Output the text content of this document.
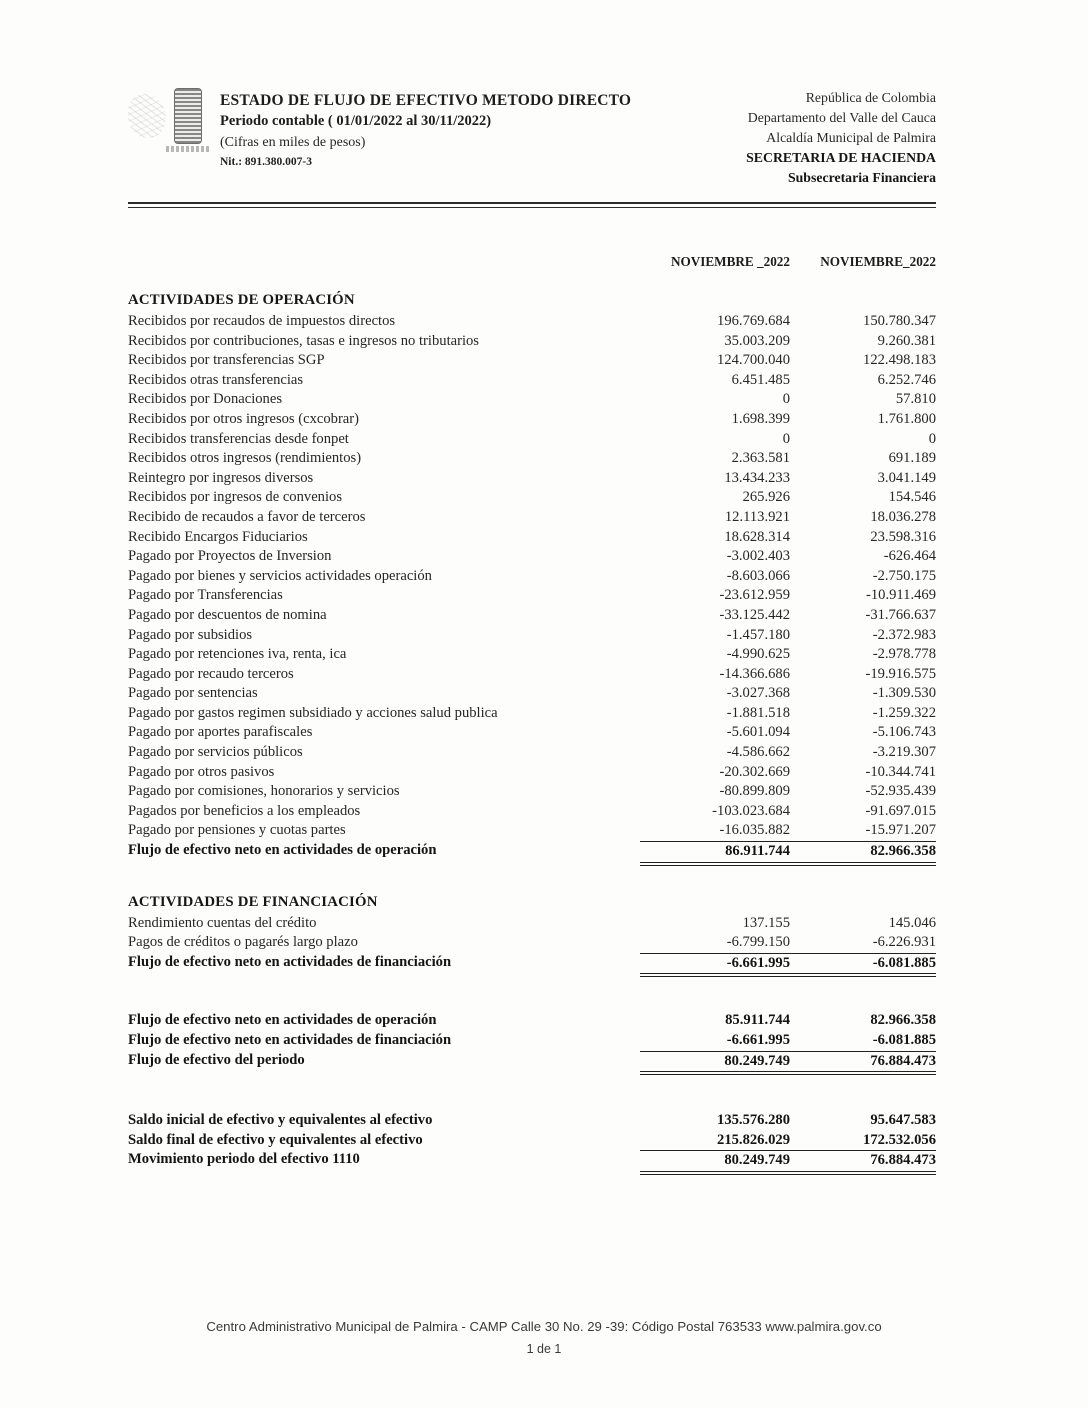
ESTADO DE FLUJO DE EFECTIVO METODO DIRECTO
Periodo contable ( 01/01/2022 al 30/11/2022)
(Cifras en miles de pesos)
Nit.: 891.380.007-3
República de Colombia
Departamento del Valle del Cauca
Alcaldía Municipal de Palmira
SECRETARIA DE HACIENDA
Subsecretaria Financiera
NOVIEMBRE _2022	NOVIEMBRE_2022
ACTIVIDADES DE OPERACIÓN
Recibidos por recaudos de impuestos directos	196.769.684	150.780.347
Recibidos por contribuciones, tasas e ingresos no tributarios	35.003.209	9.260.381
Recibidos por transferencias SGP	124.700.040	122.498.183
Recibidos otras transferencias	6.451.485	6.252.746
Recibidos por Donaciones	0	57.810
Recibidos por otros ingresos (cxcobrar)	1.698.399	1.761.800
Recibidos transferencias desde fonpet	0	0
Recibidos otros ingresos (rendimientos)	2.363.581	691.189
Reintegro por ingresos diversos	13.434.233	3.041.149
Recibidos por ingresos de convenios	265.926	154.546
Recibido de recaudos a favor de terceros	12.113.921	18.036.278
Recibido Encargos Fiduciarios	18.628.314	23.598.316
Pagado por Proyectos de Inversion	-3.002.403	-626.464
Pagado por bienes y servicios actividades operación	-8.603.066	-2.750.175
Pagado por Transferencias	-23.612.959	-10.911.469
Pagado por descuentos de nomina	-33.125.442	-31.766.637
Pagado por subsidios	-1.457.180	-2.372.983
Pagado por retenciones iva, renta, ica	-4.990.625	-2.978.778
Pagado por recaudo terceros	-14.366.686	-19.916.575
Pagado por sentencias	-3.027.368	-1.309.530
Pagado por gastos regimen subsidiado y acciones salud publica	-1.881.518	-1.259.322
Pagado por aportes parafiscales	-5.601.094	-5.106.743
Pagado por servicios públicos	-4.586.662	-3.219.307
Pagado por otros pasivos	-20.302.669	-10.344.741
Pagado por comisiones, honorarios y servicios	-80.899.809	-52.935.439
Pagados por beneficios a los empleados	-103.023.684	-91.697.015
Pagado por pensiones y cuotas partes	-16.035.882	-15.971.207
Flujo de efectivo neto en actividades de operación	86.911.744	82.966.358
ACTIVIDADES DE FINANCIACIÓN
Rendimiento cuentas del crédito	137.155	145.046
Pagos de créditos o pagarés largo plazo	-6.799.150	-6.226.931
Flujo de efectivo neto en actividades de financiación	-6.661.995	-6.081.885
Flujo de efectivo neto en actividades de operación	85.911.744	82.966.358
Flujo de efectivo neto en actividades de financiación	-6.661.995	-6.081.885
Flujo de efectivo del periodo	80.249.749	76.884.473
Saldo inicial de efectivo y equivalentes al efectivo	135.576.280	95.647.583
Saldo final de efectivo y equivalentes al efectivo	215.826.029	172.532.056
Movimiento periodo del efectivo 1110	80.249.749	76.884.473
Centro Administrativo Municipal de Palmira - CAMP Calle 30 No. 29 -39: Código Postal 763533 www.palmira.gov.co
1 de 1
